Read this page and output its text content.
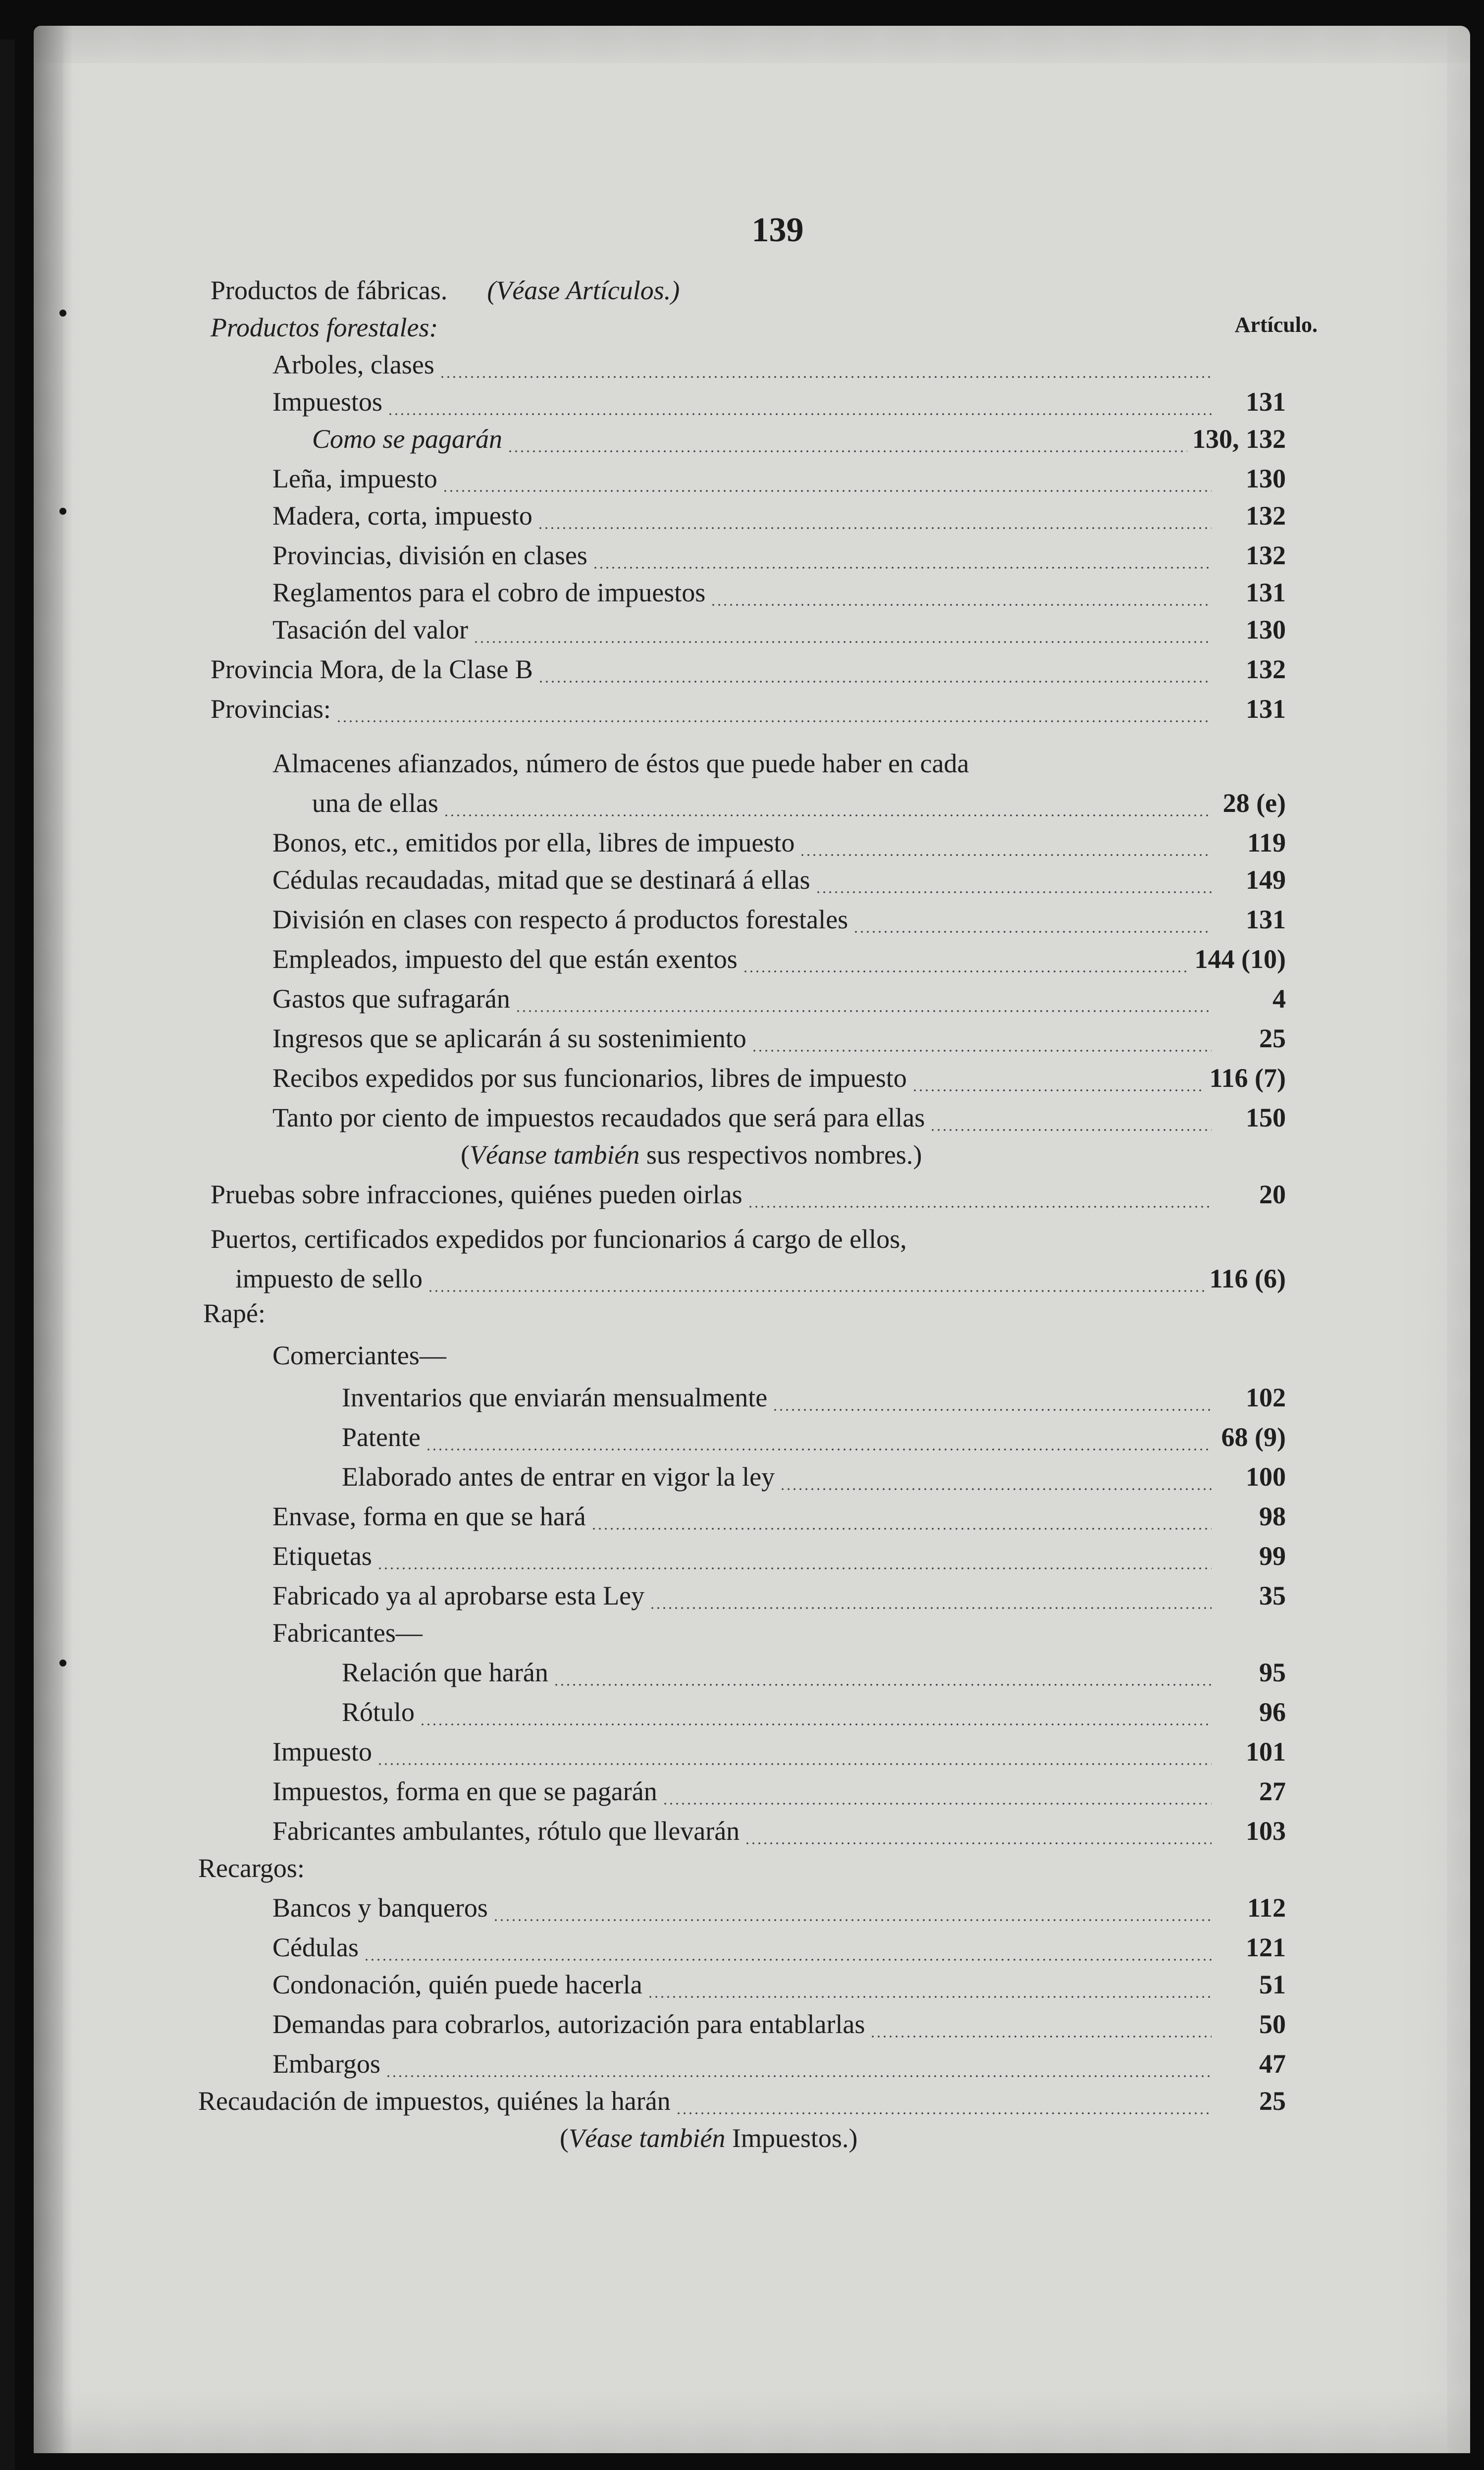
139
Artículo.
Productos de fábricas. (Véase Artículos.)
Productos forestales:
Arboles, clases
Impuestos	131
Como se pagarán	130, 132
Leña, impuesto	130
Madera, corta, impuesto	132
Provincias, división en clases	132
Reglamentos para el cobro de impuestos	131
Tasación del valor	130
Provincia Mora, de la Clase B	132
Provincias:	131
Almacenes afianzados, número de éstos que puede haber en cada
una de ellas	28 (e)
Bonos, etc., emitidos por ella, libres de impuesto	119
Cédulas recaudadas, mitad que se destinará á ellas	149
División en clases con respecto á productos forestales	131
Empleados, impuesto del que están exentos	144 (10)
Gastos que sufragarán	4
Ingresos que se aplicarán á su sostenimiento	25
Recibos expedidos por sus funcionarios, libres de impuesto	116 (7)
Tanto por ciento de impuestos recaudados que será para ellas	150
(Véanse también sus respectivos nombres.)
Pruebas sobre infracciones, quiénes pueden oirlas	20
Puertos, certificados expedidos por funcionarios á cargo de ellos,
impuesto de sello	116 (6)
Rapé:
Comerciantes—
Inventarios que enviarán mensualmente	102
Patente	68 (9)
Elaborado antes de entrar en vigor la ley	100
Envase, forma en que se hará	98
Etiquetas	99
Fabricado ya al aprobarse esta Ley	35
Fabricantes—
Relación que harán	95
Rótulo	96
Impuesto	101
Impuestos, forma en que se pagarán	27
Fabricantes ambulantes, rótulo que llevarán	103
Recargos:
Bancos y banqueros	112
Cédulas	121
Condonación, quién puede hacerla	51
Demandas para cobrarlos, autorización para entablarlas	50
Embargos	47
Recaudación de impuestos, quiénes la harán	25
(Véase también Impuestos.)
